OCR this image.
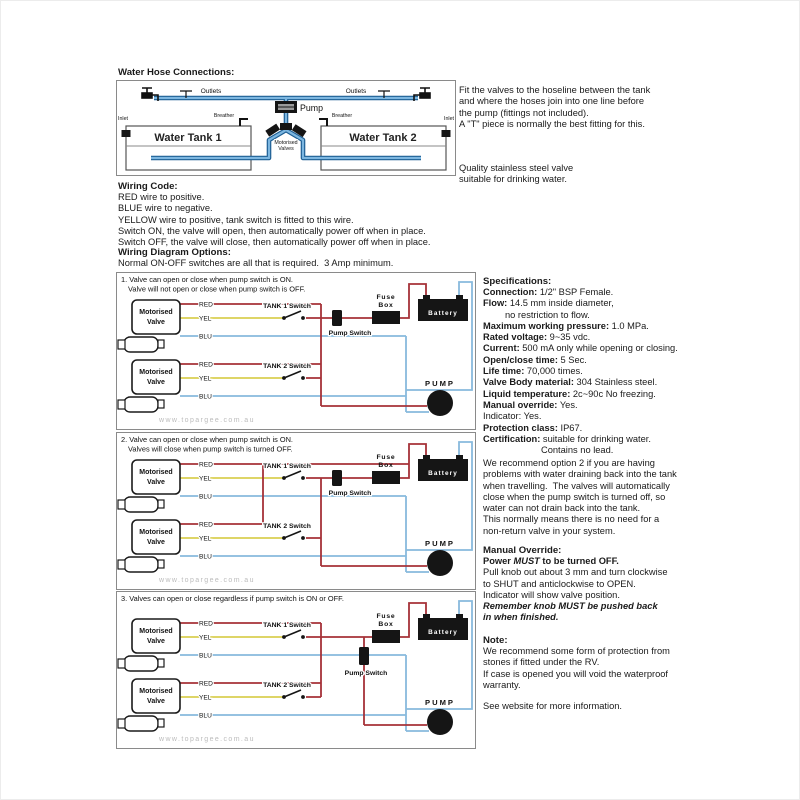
Water Hose Connections:
Water Tank 1	Water Tank 2
Pump
Motorised
Valves
Breather	Breather
Inlet	Inlet
Outlets	Outlets	Fit the valves to the hoseline between the tank
and where the hoses join into one line before
the pump (fittings not included).
A "T" piece is normally the best fitting for this.
Quality stainless steel valve
suitable for drinking water.
Wiring Code:
RED wire to positive.
BLUE wire to negative.
YELLOW wire to positive, tank switch is fitted to this wire.
Switch ON, the valve will open, then automatically power off when in place.
Switch OFF, the valve will close, then automatically power off when in place.
Wiring Diagram Options:
Normal ON-OFF switches are all that is required.  3 Amp minimum.
1. Valve can open or close when pump switch is ON.
Valve will not open or close when pump switch is OFF.
Motorised
Valve
Motorised
Valve
RED
YEL
BLU
RED
YEL
BLU
TANK 1 Switch
TANK 2 Switch
Pump Switch
Fuse
Box
Battery
PUMP
www.topargee.com.au
2. Valve can open or close when pump switch is ON.
Valves will close when pump switch is turned OFF.
Motorised
Valve
Motorised
Valve
RED
YEL
BLU
RED
YEL
BLU
TANK 1 Switch
TANK 2 Switch
Pump Switch
Fuse
Box
Battery
PUMP
www.topargee.com.au
3. Valves can open or close regardless if pump switch is ON or OFF.
Motorised
Valve
Motorised
Valve
RED
YEL
BLU
RED
YEL
BLU
TANK 1 Switch
TANK 2 Switch
Pump Switch
Fuse
Box
Battery
PUMP
www.topargee.com.au
Specifications:
Connection: 1/2" BSP Female.
Flow: 14.5 mm inside diameter,
no restriction to flow.
Maximum working pressure: 1.0 MPa.
Rated voltage: 9~35 vdc.
Current: 500 mA only while opening or closing.
Open/close time: 5 Sec.
Life time: 70,000 times.
Valve Body material: 304 Stainless steel.
Liquid temperature: 2c~90c No freezing.
Manual override: Yes.
Indicator: Yes.
Protection class: IP67.
Certification: suitable for drinking water.
Contains no lead.
We recommend option 2 if you are having
problems with water draining back into the tank
when travelling.  The valves will automatically
close when the pump switch is turned off, so
water can not drain back into the tank.
This normally means there is no need for a
non-return valve in your system.
Manual Override:
Power MUST to be turned OFF.
Pull knob out about 3 mm and turn clockwise
to SHUT and anticlockwise to OPEN.
Indicator will show valve position.
Remember knob MUST be pushed back
in when finished.
Note:
We recommend some form of protection from
stones if fitted under the RV.
If case is opened you will void the waterproof
warranty.
See website for more information.
